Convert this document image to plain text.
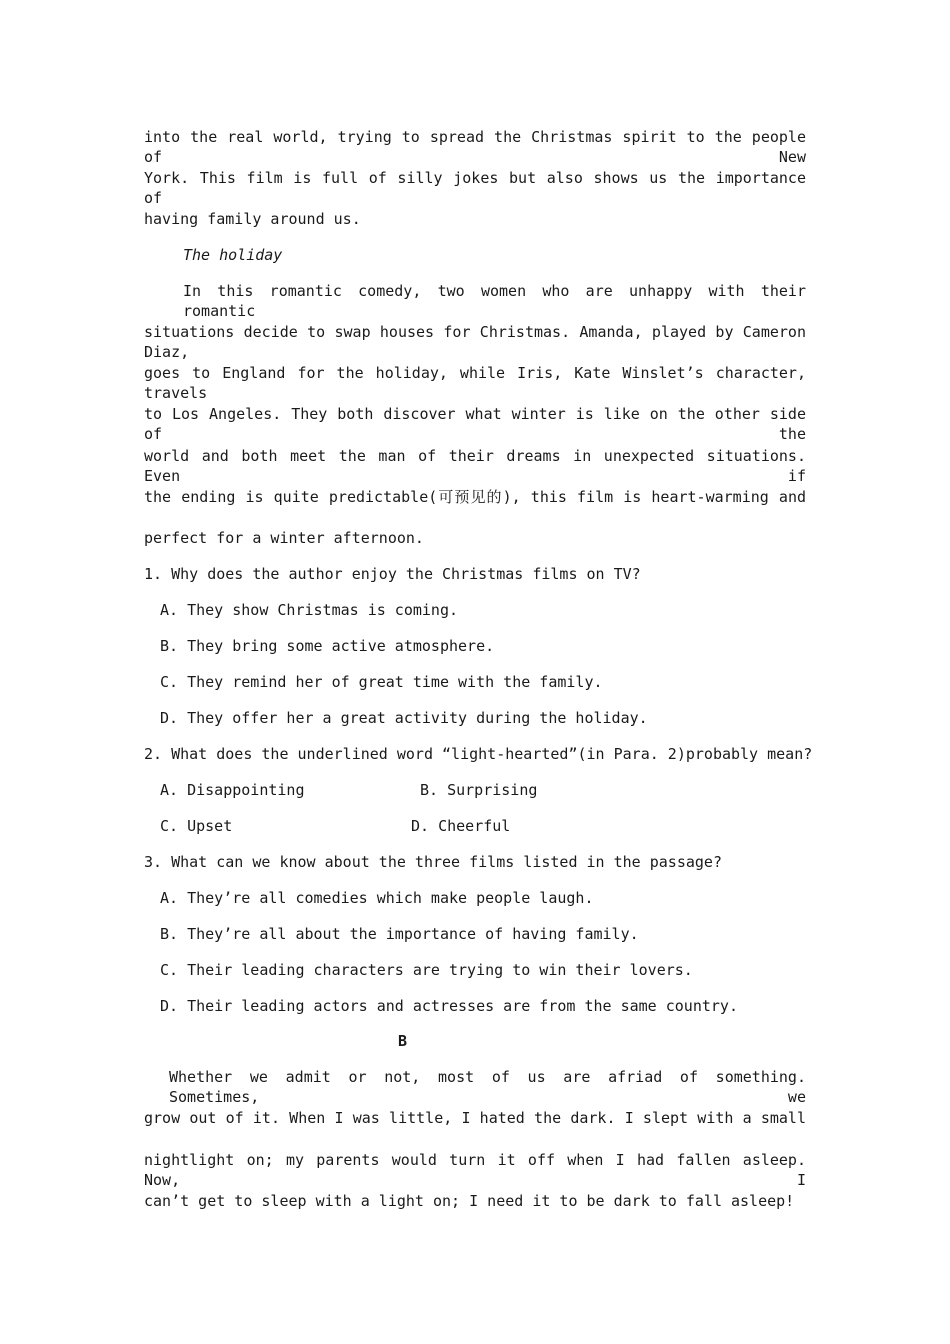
into the real world, trying to spread the Christmas spirit to the people of New
York. This film is full of silly jokes but also shows us the importance of
having family around us.
The holiday
In this romantic comedy, two women who are unhappy with their romantic
situations decide to swap houses for Christmas. Amanda, played by Cameron Diaz,
goes to England for the holiday, while Iris, Kate Winslet’s character, travels
to Los Angeles. They both discover what winter is like on the other side of the
world and both meet the man of their dreams in unexpected situations. Even if
the ending is quite predictable(可预见的), this film is heart-warming and
perfect for a winter afternoon.
1. Why does the author enjoy the Christmas films on TV?
A. They show Christmas is coming.
B. They bring some active atmosphere.
C. They remind her of great time with the family.
D. They offer her a great activity during the holiday.
2. What does the underlined word “light-hearted”(in Para. 2)probably mean?
A. Disappointing	B. Surprising
C. Upset	D. Cheerful
3. What can we know about the three films listed in the passage?
A. They’re all comedies which make people laugh.
B. They’re all about the importance of having family.
C. Their leading characters are trying to win their lovers.
D. Their leading actors and actresses are from the same country.
B
Whether we admit or not, most of us are afriad of something. Sometimes, we
grow out of it. When I was little, I hated the dark. I slept with a small
nightlight on; my parents would turn it off when I had fallen asleep. Now, I
can’t get to sleep with a light on; I need it to be dark to fall asleep!
